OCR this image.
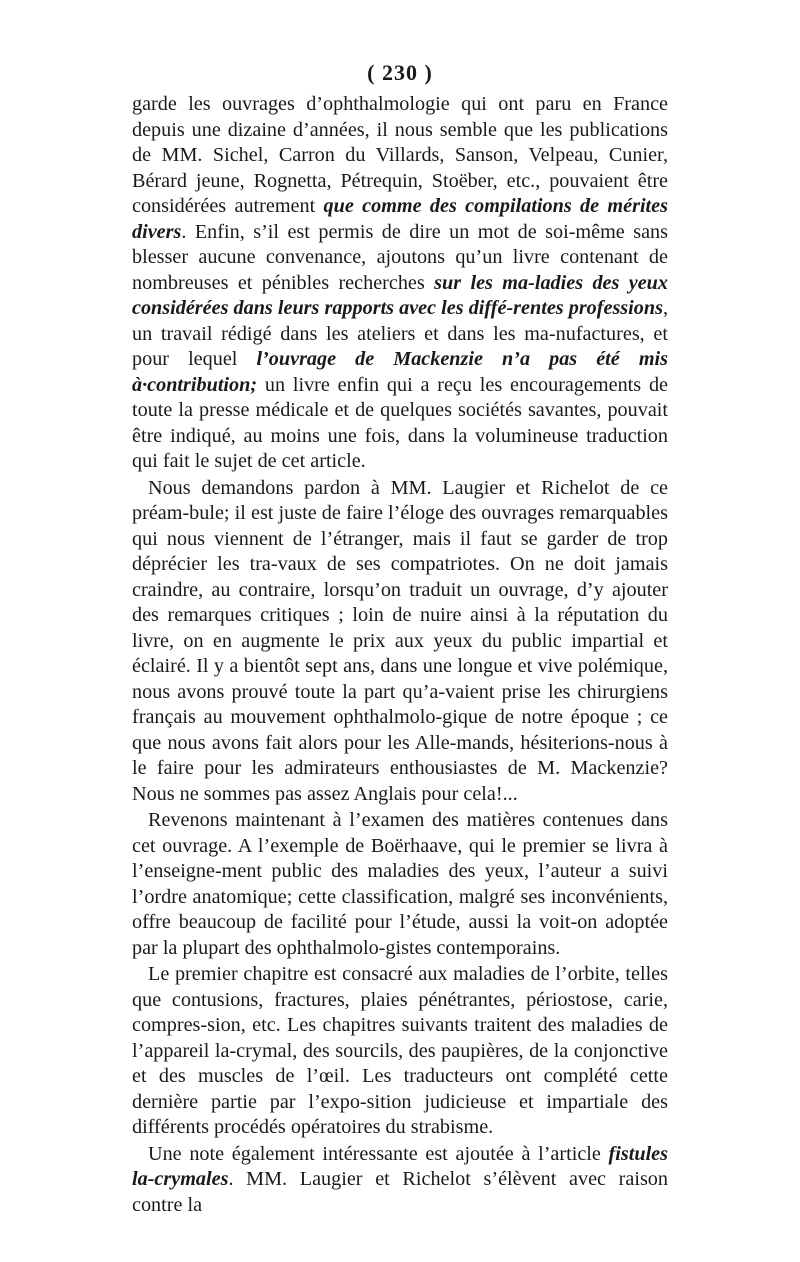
( 230 )

garde les ouvrages d’ophthalmologie qui ont paru en France depuis une dizaine d’années, il nous semble que les publications de MM. Sichel, Carron du Villards, Sanson, Velpeau, Cunier, Bérard jeune, Rognetta, Pétrequin, Stoëber, etc., pouvaient être considérées autrement que comme des compilations de mérites divers. Enfin, s’il est permis de dire un mot de soi-même sans blesser aucune convenance, ajoutons qu’un livre contenant de nombreuses et pénibles recherches sur les ma-ladies des yeux considérées dans leurs rapports avec les diffé-rentes professions, un travail rédigé dans les ateliers et dans les ma-nufactures, et pour lequel l’ouvrage de Mackenzie n’a pas été mis à·contribution; un livre enfin qui a reçu les encouragements de toute la presse médicale et de quelques sociétés savantes, pouvait être indiqué, au moins une fois, dans la volumineuse traduction qui fait le sujet de cet article.

Nous demandons pardon à MM. Laugier et Richelot de ce préam-bule; il est juste de faire l’éloge des ouvrages remarquables qui nous viennent de l’étranger, mais il faut se garder de trop déprécier les tra-vaux de ses compatriotes. On ne doit jamais craindre, au contraire, lorsqu’on traduit un ouvrage, d’y ajouter des remarques critiques ; loin de nuire ainsi à la réputation du livre, on en augmente le prix aux yeux du public impartial et éclairé. Il y a bientôt sept ans, dans une longue et vive polémique, nous avons prouvé toute la part qu’a-vaient prise les chirurgiens français au mouvement ophthalmolo-gique de notre époque ; ce que nous avons fait alors pour les Alle-mands, hésiterions-nous à le faire pour les admirateurs enthousiastes de M. Mackenzie? Nous ne sommes pas assez Anglais pour cela!...

Revenons maintenant à l’examen des matières contenues dans cet ouvrage. A l’exemple de Boërhaave, qui le premier se livra à l’enseigne-ment public des maladies des yeux, l’auteur a suivi l’ordre anatomique; cette classification, malgré ses inconvénients, offre beaucoup de facilité pour l’étude, aussi la voit-on adoptée par la plupart des ophthalmolo-gistes contemporains.

Le premier chapitre est consacré aux maladies de l’orbite, telles que contusions, fractures, plaies pénétrantes, périostose, carie, compres-sion, etc. Les chapitres suivants traitent des maladies de l’appareil la-crymal, des sourcils, des paupières, de la conjonctive et des muscles de l’œil. Les traducteurs ont complété cette dernière partie par l’expo-sition judicieuse et impartiale des différents procédés opératoires du strabisme.

Une note également intéressante est ajoutée à l’article fistules la-crymales. MM. Laugier et Richelot s’élèvent avec raison contre la
